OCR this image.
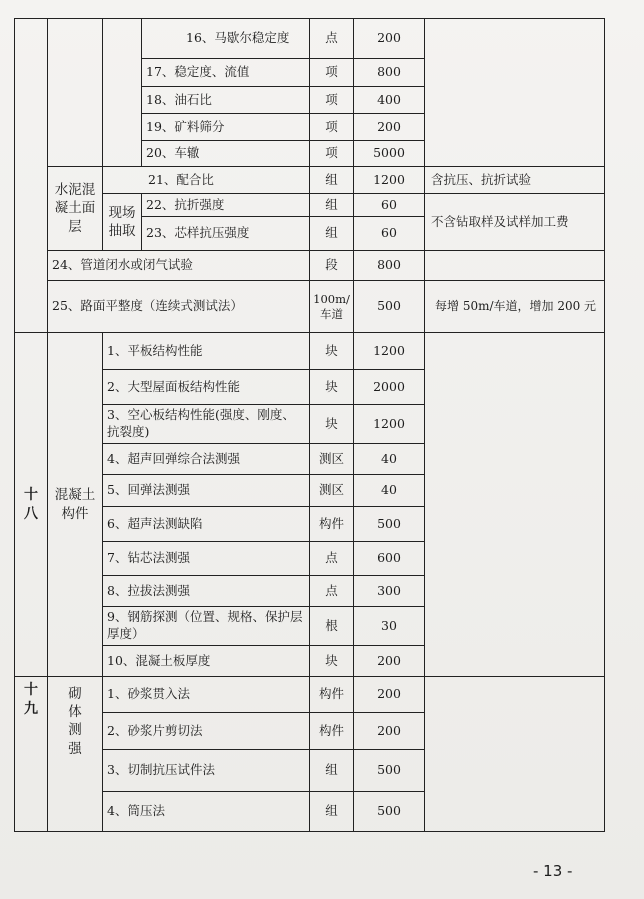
			16、马歇尔稳定度	点	200	
			17、稳定度、流值	项	800	
			18、油石比	项	400	
			19、矿料筛分	项	200	
			20、车辙	项	5000	
	水泥混凝土面层	21、配合比		组	1200	含抗压、抗折试验
		现场抽取	22、抗折强度	组	60	不含钻取样及试样加工费
			23、芯样抗压强度	组	60	
	24、管道闭水或闭气试验			段	800	
	25、路面平整度（连续式测试法）			100m/车道	500	每增 50m/车道，增加 200 元

十八	混凝土构件	1、平板结构性能		块	1200	
		2、大型屋面板结构性能		块	2000	
		3、空心板结构性能(强度、刚度、抗裂度)		块	1200	
		4、超声回弹综合法测强		测区	40	
		5、回弹法测强		测区	40	
		6、超声法测缺陷		构件	500	
		7、钻芯法测强		点	600	
		8、拉拔法测强		点	300	
		9、钢筋探测（位置、规格、保护层厚度）		根	30	
		10、混凝土板厚度		块	200	

十九	砌体测强	1、砂浆贯入法		构件	200	
		2、砂浆片剪切法		构件	200	
		3、切制抗压试件法		组	500	
		4、筒压法		组	500	
- 13 -
